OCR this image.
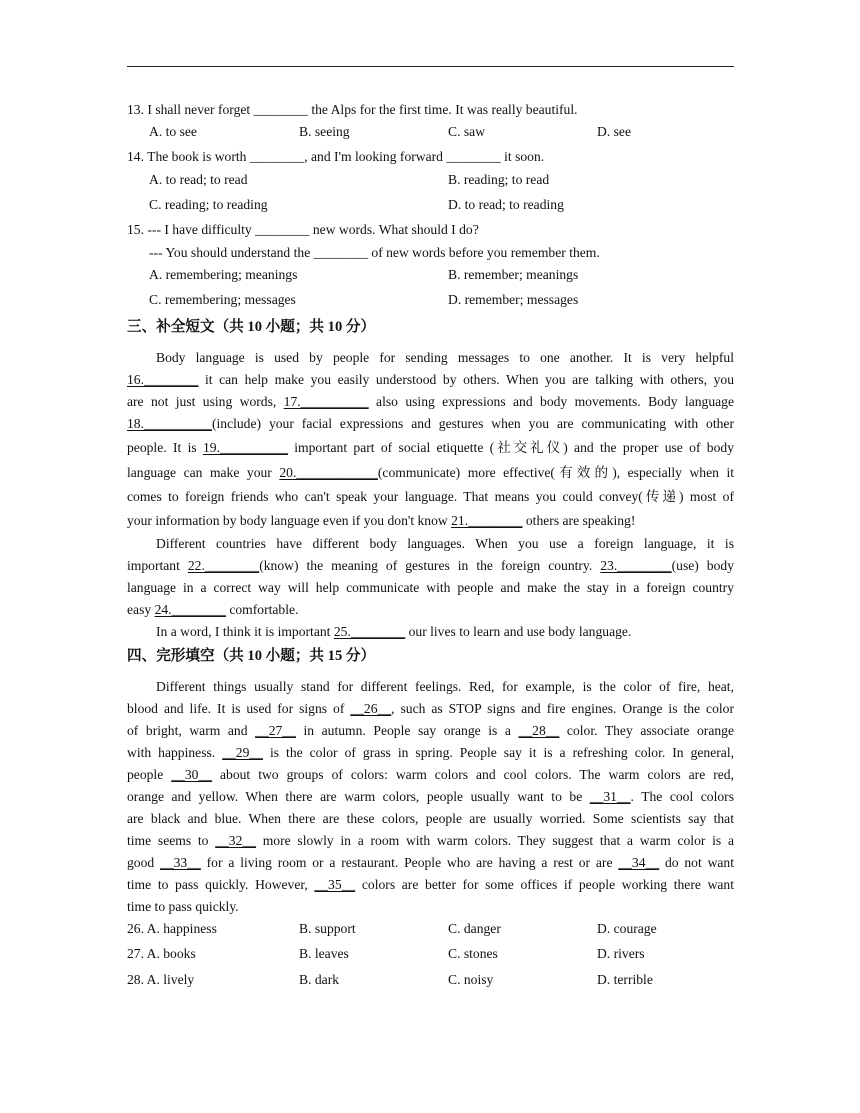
13. I shall never forget ________ the Alps for the first time. It was really beautiful.
A. to see	B. seeing	C. saw	D. see
14. The book is worth ________, and I'm looking forward ________ it soon.
A. to read; to read	B. reading; to read
C. reading; to reading	D. to read; to reading
15. --- I have difficulty ________ new words. What should I do?
--- You should understand the ________ of new words before you remember them.
A. remembering; meanings	B. remember; meanings
C. remembering; messages	D. remember; messages
三、补全短文（共 10 小题；共 10 分）
Body language is used by people for sending messages to one another. It is very helpful
16.________ it can help make you easily understood by others. When you are talking with others, you
are not just using words, 17.__________ also using expressions and body movements. Body language
18.__________(include) your facial expressions and gestures when you are communicating with other
people. It is 19.__________ important part of social etiquette (社交礼仪) and the proper use of body
language can make your 20.____________(communicate) more effective(有效的), especially when it
comes to foreign friends who can't speak your language. That means you could convey(传递) most of
your information by body language even if you don't know 21.________ others are speaking!
Different countries have different body languages. When you use a foreign language, it is
important 22.________(know) the meaning of gestures in the foreign country. 23.________(use) body
language in a correct way will help communicate with people and make the stay in a foreign country
easy 24.________ comfortable.
In a word, I think it is important 25.________ our lives to learn and use body language.
四、完形填空（共 10 小题；共 15 分）
Different things usually stand for different feelings. Red, for example, is the color of fire, heat,
blood and life. It is used for signs of __26__, such as STOP signs and fire engines. Orange is the color
of bright, warm and __27__ in autumn. People say orange is a __28__ color. They associate orange
with happiness. __29__ is the color of grass in spring. People say it is a refreshing color. In general,
people __30__ about two groups of colors: warm colors and cool colors. The warm colors are red,
orange and yellow. When there are warm colors, people usually want to be __31__. The cool colors
are black and blue. When there are these colors, people are usually worried. Some scientists say that
time seems to __32__ more slowly in a room with warm colors. They suggest that a warm color is a
good __33__ for a living room or a restaurant. People who are having a rest or are __34__ do not want
time to pass quickly. However, __35__ colors are better for some offices if people working there want
time to pass quickly.
26. A. happiness	B. support	C. danger	D. courage
27. A. books	B. leaves	C. stones	D. rivers
28. A. lively	B. dark	C. noisy	D. terrible
